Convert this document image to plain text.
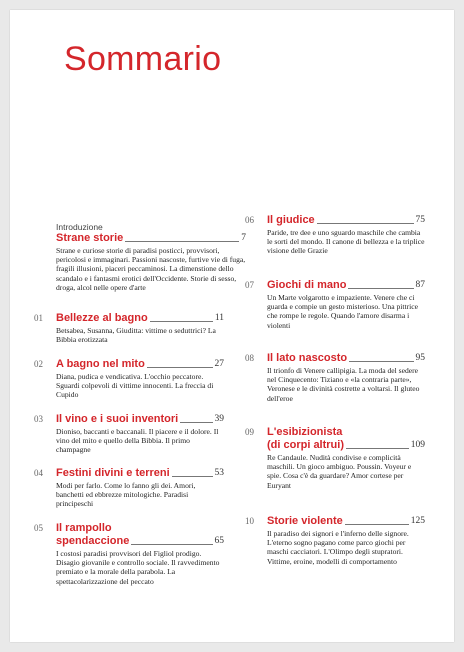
Sommario
Introduzione
Strane storie	7

Strane e curiose storie di paradisi posticci, provvisori, pericolosi e immaginari. Passioni nascoste, furtive vie di fuga, fragili illusioni, piaceri peccaminosi. La dimenstione dello scandalo e i fantasmi erotici dell'Occidente. Storie di sesso, droga, alcol nelle opere d'arte

01 Bellezze al bagno	11

Betsabea, Susanna, Giuditta: vittime o seduttrici? La Bibbia erotizzata

02 A bagno nel mito	27

Diana, pudica e vendicativa. L'occhio peccatore. Sguardi colpevoli di vittime innocenti. La freccia di Cupido

03 Il vino e i suoi inventori	39

Dioniso, baccanti e baccanali. Il piacere e il dolore. Il vino del mito e quello della Bibbia. Il primo champagne

04 Festini divini e terreni	53

Modi per farlo. Come lo fanno gli dei. Amori, banchetti ed ebbrezze mitologiche. Paradisi principeschi

05 Il rampollo
spendaccione	65

I costosi paradisi provvisori del Figliol prodigo. Disagio giovanile e controllo sociale. Il ravvedimento premiato e la morale della parabola. La spettacolarizzazione del peccato

06 Il giudice	75

Paride, tre dee e uno sguardo maschile che cambia le sorti del mondo. Il canone di bellezza e la triplice visione delle Grazie

07 Giochi di mano	87

Un Marte volgarotto e impaziente. Venere che ci guarda e compie un gesto misterioso. Una pittrice che rompe le regole. Quando l'amore disarma i violenti

08 Il lato nascosto	95

Il trionfo di Venere callipigia. La moda del sedere nel Cinquecento: Tiziano e «la contraria parte», Veronese e le divinità costrette a voltarsi. Il gluteo dell'eroe

09 L'esibizionista
(di corpi altrui)	109

Re Candaule. Nudità condivise e complicità maschili. Un gioco ambiguo. Poussin. Voyeur e spie. Cosa c'è da guardare? Amor cortese per Euryant

10 Storie violente	125

Il paradiso dei signori e l'inferno delle signore. L'eterno sogno pagano come parco giochi per maschi cacciatori. L'Olimpo degli stupratori. Vittime, eroine, modelli di comportamento
